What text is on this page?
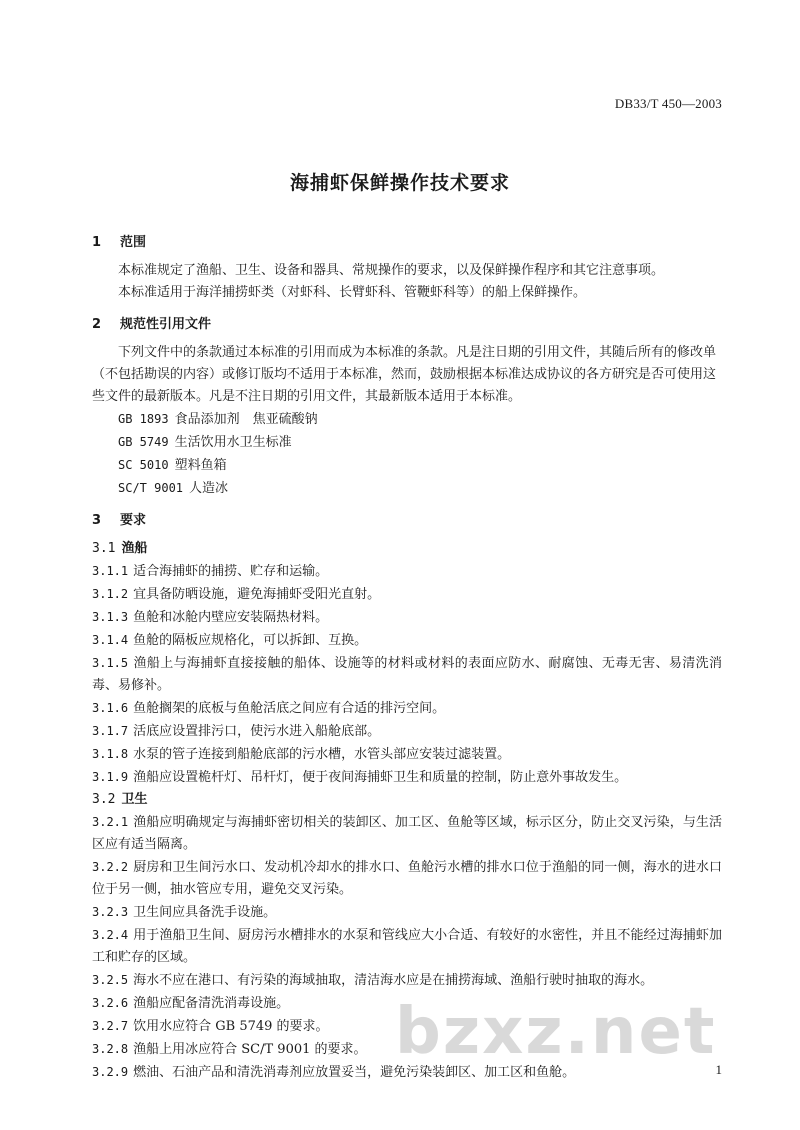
DB33/T 450—2003
海捕虾保鲜操作技术要求
1 范围

本标准规定了渔船、卫生、设备和器具、常规操作的要求，以及保鲜操作程序和其它注意事项。

本标准适用于海洋捕捞虾类（对虾科、长臂虾科、管鞭虾科等）的船上保鲜操作。

2 规范性引用文件

下列文件中的条款通过本标准的引用而成为本标准的条款。凡是注日期的引用文件，其随后所有的修改单（不包括勘误的内容）或修订版均不适用于本标准，然而，鼓励根据本标准达成协议的各方研究是否可使用这些文件的最新版本。凡是不注日期的引用文件，其最新版本适用于本标准。

GB 1893 食品添加剂　焦亚硫酸钠
GB 5749 生活饮用水卫生标准
SC 5010 塑料鱼箱
SC/T 9001 人造冰
3 要求
3.1 渔船
3.1.1 适合海捕虾的捕捞、贮存和运输。
3.1.2 宜具备防晒设施，避免海捕虾受阳光直射。
3.1.3 鱼舱和冰舱内壁应安装隔热材料。
3.1.4 鱼舱的隔板应规格化，可以拆卸、互换。
3.1.5 渔船上与海捕虾直接接触的船体、设施等的材料或材料的表面应防水、耐腐蚀、无毒无害、易清洗消毒、易修补。
3.1.6 鱼舱搁架的底板与鱼舱活底之间应有合适的排污空间。
3.1.7 活底应设置排污口，使污水进入船舱底部。
3.1.8 水泵的管子连接到船舱底部的污水槽，水管头部应安装过滤装置。
3.1.9 渔船应设置桅杆灯、吊杆灯，便于夜间海捕虾卫生和质量的控制，防止意外事故发生。
3.2 卫生
3.2.1 渔船应明确规定与海捕虾密切相关的装卸区、加工区、鱼舱等区域，标示区分，防止交叉污染，与生活区应有适当隔离。
3.2.2 厨房和卫生间污水口、发动机冷却水的排水口、鱼舱污水槽的排水口位于渔船的同一侧，海水的进水口位于另一侧，抽水管应专用，避免交叉污染。
3.2.3 卫生间应具备洗手设施。
3.2.4 用于渔船卫生间、厨房污水槽排水的水泵和管线应大小合适、有较好的水密性，并且不能经过海捕虾加工和贮存的区域。
3.2.5 海水不应在港口、有污染的海域抽取，清洁海水应是在捕捞海域、渔船行驶时抽取的海水。
3.2.6 渔船应配备清洗消毒设施。
3.2.7 饮用水应符合 GB 5749 的要求。
3.2.8 渔船上用冰应符合 SC/T 9001 的要求。
3.2.9 燃油、石油产品和清洗消毒剂应放置妥当，避免污染装卸区、加工区和鱼舱。	1
bzxz.net
